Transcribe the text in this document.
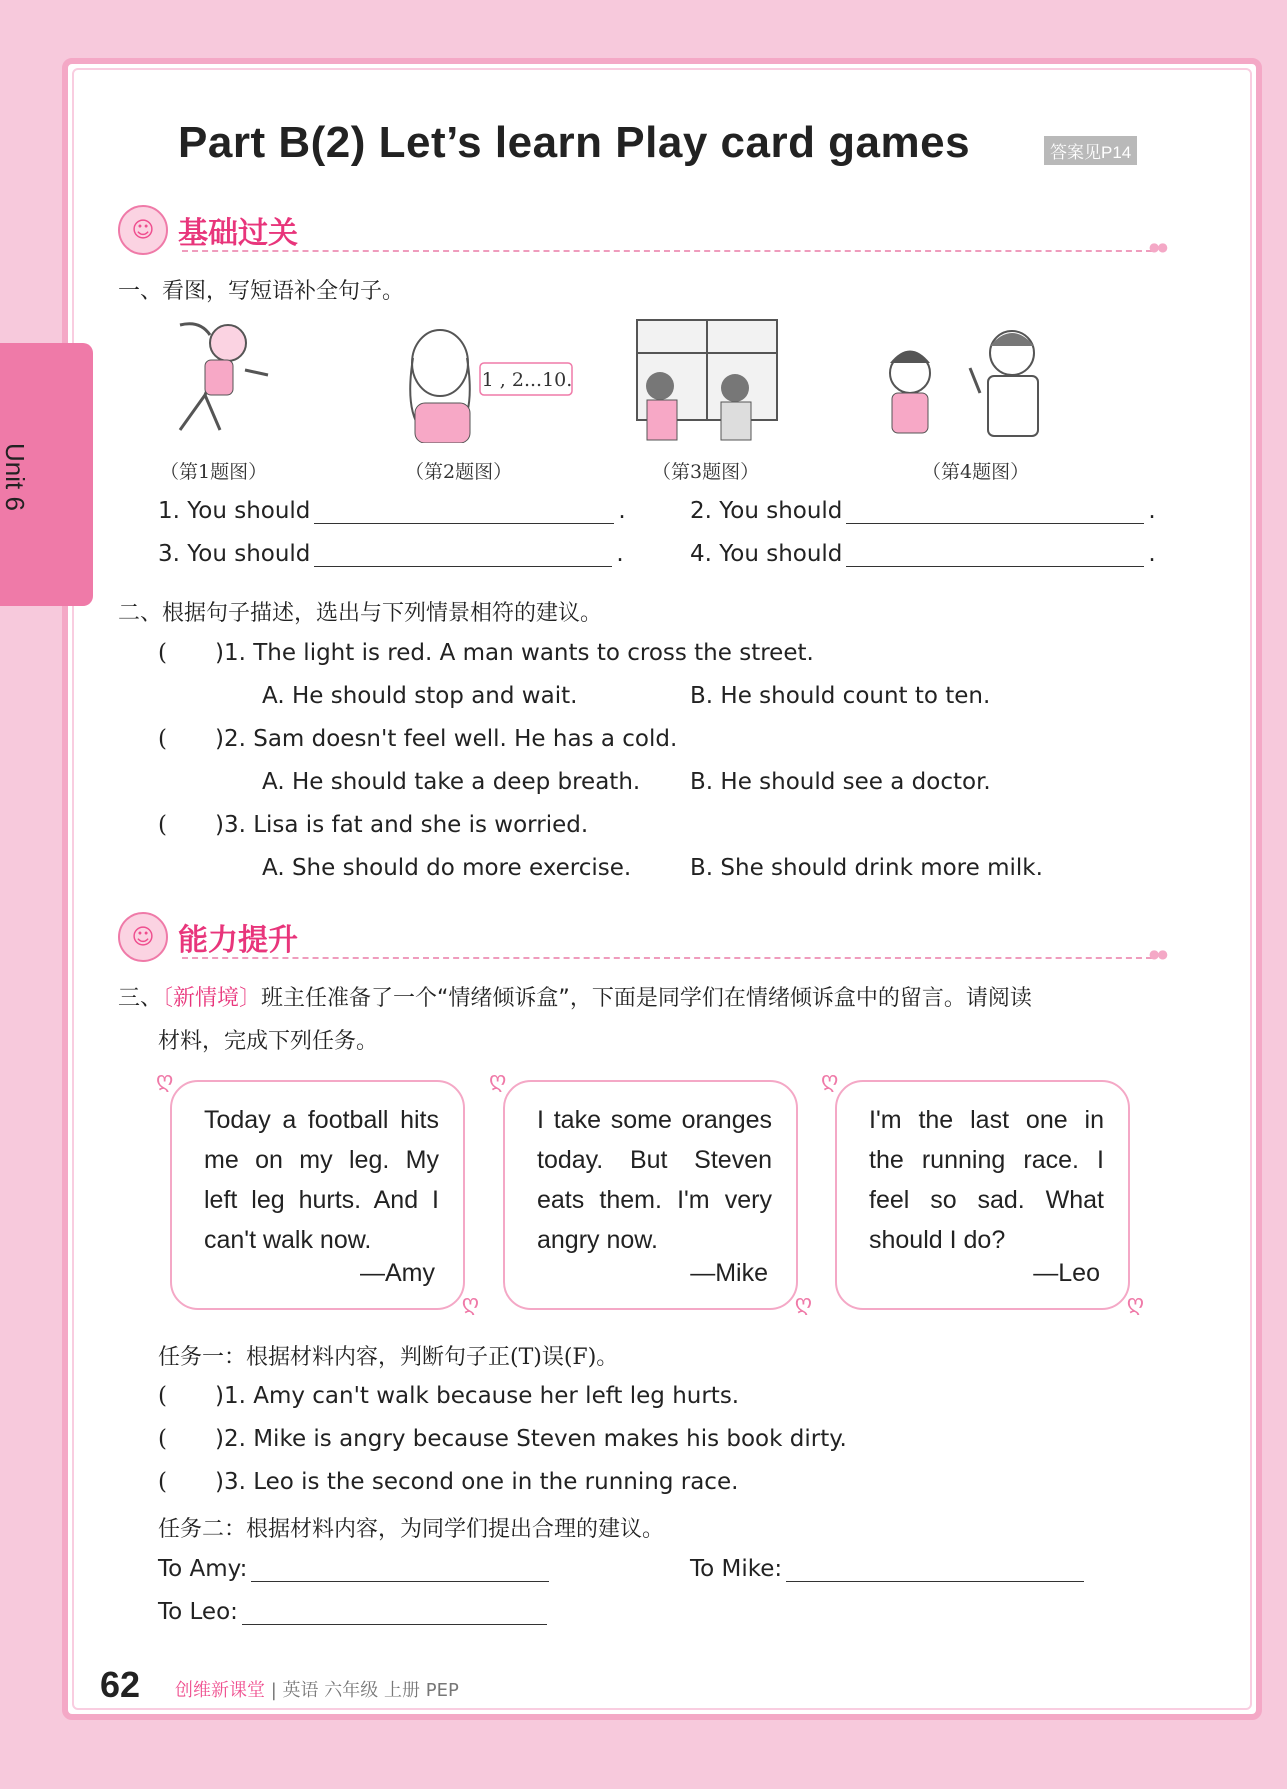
Unit 6
Part B(2) Let’s learn Play card games	答案见P14
☺ 基础过关
●●
一、看图，写短语补全句子。
（第1题图）
1 , 2...10.
（第2题图）	（第3题图）	（第4题图）
1. You should	.	2. You should	.
3. You should	.	4. You should	.
二、根据句子描述，选出与下列情景相符的建议。
( )1. The light is red. A man wants to cross the street.
A. He should stop and wait.	B. He should count to ten.
( )2. Sam doesn't feel well. He has a cold.
A. He should take a deep breath. B. He should see a doctor.
( )3. Lisa is fat and she is worried.
A. She should do more exercise.	B. She should drink more milk.
☺ 能力提升
●●
三、〔新情境〕班主任准备了一个“情绪倾诉盒”，下面是同学们在情绪倾诉盒中的留言。请阅读
材料，完成下列任务。
ღ
Today a football hits me on my leg. My left leg hurts. And I can't walk now.
—Amy
ღ
ღ
I take some oranges today. But Steven eats them. I'm very angry now.
—Mike
ღ
ღ
I'm the last one in the running race. I feel so sad. What should I do?
—Leo
ღ
任务一：根据材料内容，判断句子正(T)误(F)。
( )1. Amy can't walk because her left leg hurts.
( )2. Mike is angry because Steven makes his book dirty.
( )3. Leo is the second one in the running race.
任务二：根据材料内容，为同学们提出合理的建议。
To Amy:	To Mike:
To Leo:
62 创维新课堂 | 英语 六年级 上册 PEP
